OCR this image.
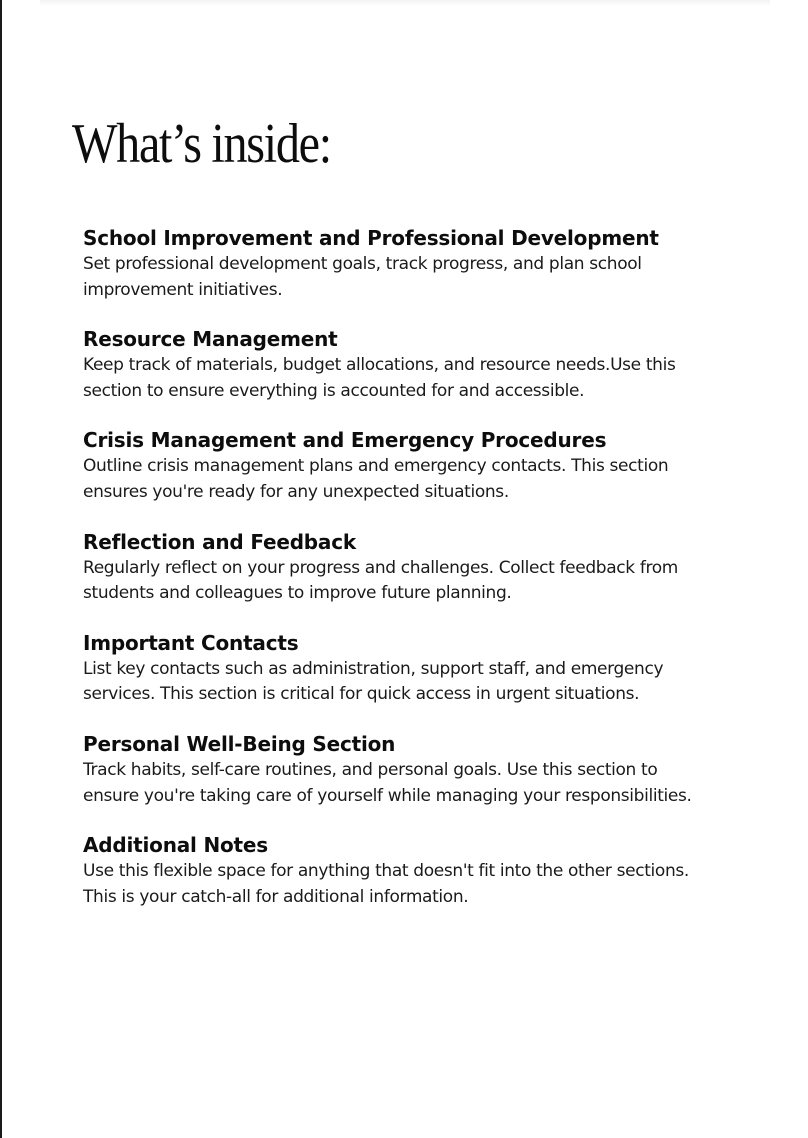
What’s inside:
School Improvement and Professional Development

Set professional development goals, track progress, and plan school improvement initiatives.

Resource Management

Keep track of materials, budget allocations, and resource needs.Use this section to ensure everything is accounted for and accessible.

Crisis Management and Emergency Procedures

Outline crisis management plans and emergency contacts. This section ensures you're ready for any unexpected situations.

Reflection and Feedback

Regularly reflect on your progress and challenges. Collect feedback from students and colleagues to improve future planning.

Important Contacts

List key contacts such as administration, support staff, and emergency services. This section is critical for quick access in urgent situations.

Personal Well-Being Section

Track habits, self-care routines, and personal goals. Use this section to ensure you're taking care of yourself while managing your responsibilities.

Additional Notes

Use this flexible space for anything that doesn't fit into the other sections. This is your catch-all for additional information.
